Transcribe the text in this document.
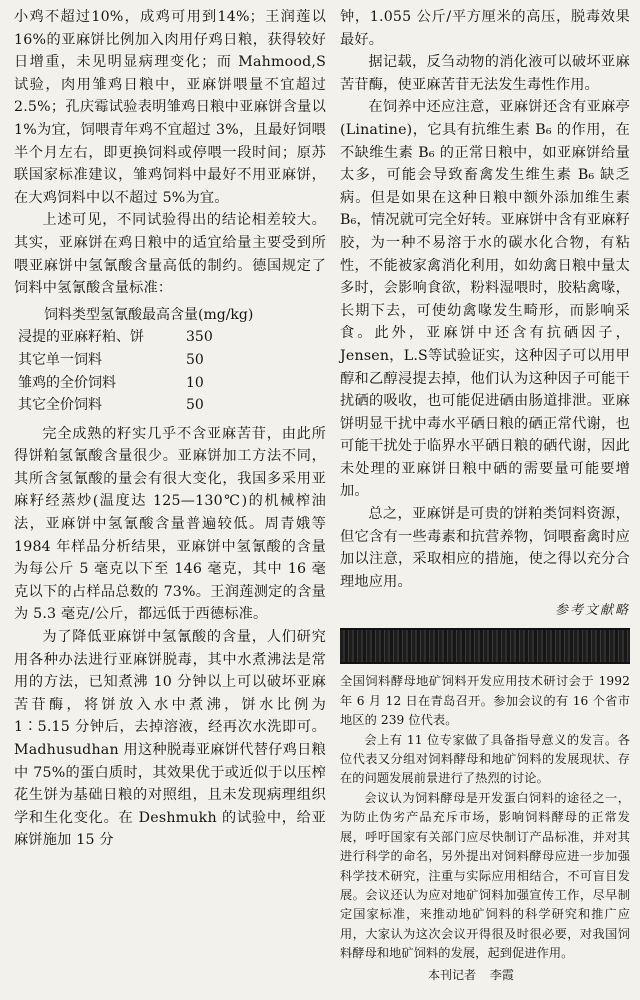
小鸡不超过10%，成鸡可用到14%；王润莲以16%的亚麻饼比例加入肉用仔鸡日粮，获得较好日增重，未见明显病理变化；而 Mahmood,S 试验，肉用雏鸡日粮中，亚麻饼喂量不宜超过 2.5%；孔庆霉试验表明雏鸡日粮中亚麻饼含量以 1%为宜，饲喂青年鸡不宜超过 3%，且最好饲喂半个月左右，即更换饲料或停喂一段时间；原苏联国家标准建议，雏鸡饲料中最好不用亚麻饼，在大鸡饲料中以不超过 5%为宜。

上述可见，不同试验得出的结论相差较大。其实，亚麻饼在鸡日粮中的适宜给量主要受到所喂亚麻饼中氢氰酸含量高低的制约。德国规定了饲料中氢氰酸含量标准：

饲料类型氢氰酸最高含量(mg/kg)
浸提的亚麻籽粕、饼	350
其它单一饲料	50
雏鸡的全价饲料	10
其它全价饲料	50

完全成熟的籽实几乎不含亚麻苦苷，由此所得饼粕氢氰酸含量很少。亚麻饼加工方法不同，其所含氢氰酸的量会有很大变化，我国多采用亚麻籽经蒸炒(温度达 125—130℃)的机械榨油法，亚麻饼中氢氰酸含量普遍较低。周青娥等 1984 年样品分析结果，亚麻饼中氢氰酸的含量为每公斤 5 毫克以下至 146 毫克，其中 16 毫克以下的占样品总数的 73%。王润莲测定的含量为 5.3 毫克/公斤，都远低于西德标准。

为了降低亚麻饼中氢氰酸的含量，人们研究用各种办法进行亚麻饼脱毒，其中水煮沸法是常用的方法，已知煮沸 10 分钟以上可以破坏亚麻苦苷酶，将饼放入水中煮沸，饼水比例为 1∶5.15 分钟后，去掉溶液，经再次水洗即可。Madhusudhan 用这种脱毒亚麻饼代替仔鸡日粮中 75%的蛋白质时，其效果优于或近似于以压榨花生饼为基础日粮的对照组，且未发现病理组织学和生化变化。在 Deshmukh 的试验中，给亚麻饼施加 15 分

钟，1.055 公斤/平方厘米的高压，脱毒效果最好。

据记载，反刍动物的消化液可以破坏亚麻苦苷酶，使亚麻苦苷无法发生毒性作用。

在饲养中还应注意，亚麻饼还含有亚麻亭(Linatine)，它具有抗维生素 B₆ 的作用，在不缺维生素 B₆ 的正常日粮中，如亚麻饼给量太多，可能会导致畜禽发生维生素 B₆ 缺乏病。但是如果在这种日粮中额外添加维生素 B₆，情况就可完全好转。亚麻饼中含有亚麻籽胶，为一种不易溶于水的碳水化合物，有粘性，不能被家禽消化利用，如幼禽日粮中量太多时，会影响食欲，粉料湿喂时，胶粘禽喙，长期下去，可使幼禽喙发生畸形，而影响采食。此外，亚麻饼中还含有抗硒因子，Jensen，L.S等试验证实，这种因子可以用甲醇和乙醇浸提去掉，他们认为这种因子可能干扰硒的吸收，也可能促进硒由肠道排泄。亚麻饼明显干扰中毒水平硒日粮的硒正常代谢，也可能干扰处于临界水平硒日粮的硒代谢，因此未处理的亚麻饼日粮中硒的需要量可能要增加。

总之，亚麻饼是可贵的饼粕类饲料资源，但它含有一些毒素和抗营养物，饲喂畜禽时应加以注意，采取相应的措施，使之得以充分合理地应用。

参考文献略

全国饲料酵母地矿饲料开发应用技术研讨会于 1992 年 6 月 12 日在青岛召开。参加会议的有 16 个省市地区的 239 位代表。

会上有 11 位专家做了具备指导意义的发言。各位代表又分组对饲料酵母和地矿饲料的发展现状、存在的问题发展前景进行了热烈的讨论。

会议认为饲料酵母是开发蛋白饲料的途径之一，为防止伪劣产品充斥市场，影响饲料酵母的正常发展，呼吁国家有关部门应尽快制订产品标准，并对其进行科学的命名，另外提出对饲料酵母应进一步加强科学技术研究，注重与实际应用相结合，不可盲目发展。会议还认为应对地矿饲料加强宣传工作，尽早制定国家标准，来推动地矿饲料的科学研究和推广应用，大家认为这次会议开得很及时很必要，对我国饲料酵母和地矿饲料的发展，起到促进作用。

本刊记者 李霞
